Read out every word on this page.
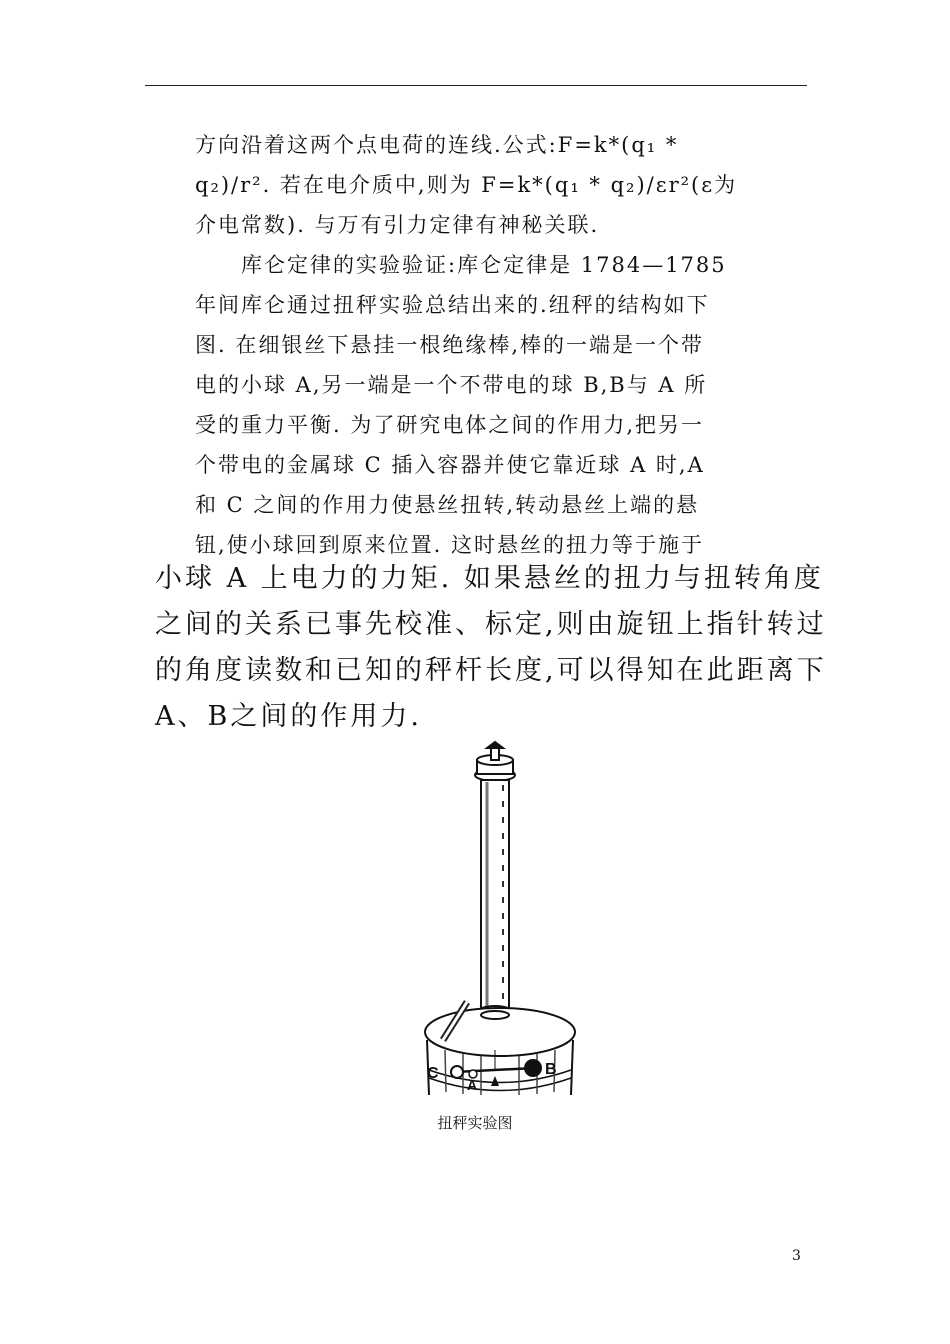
方向沿着这两个点电荷的连线.公式:F=k*(q₁ *
q₂)/r². 若在电介质中,则为 F=k*(q₁ * q₂)/εr²(ε为
介电常数). 与万有引力定律有神秘关联.
　　库仑定律的实验验证:库仑定律是 1784—1785
年间库仑通过扭秤实验总结出来的.纽秤的结构如下
图. 在细银丝下悬挂一根绝缘棒,棒的一端是一个带
电的小球 A,另一端是一个不带电的球 B,B与 A 所
受的重力平衡. 为了研究电体之间的作用力,把另一
个带电的金属球 C 插入容器并使它靠近球 A 时,A
和 C 之间的作用力使悬丝扭转,转动悬丝上端的悬
钮,使小球回到原来位置. 这时悬丝的扭力等于施于
小球 A 上电力的力矩. 如果悬丝的扭力与扭转角度
之间的关系已事先校准、标定,则由旋钮上指针转过
的角度读数和已知的秤杆长度,可以得知在此距离下
A、B之间的作用力.
C
A
B
扭秤实验图
3
